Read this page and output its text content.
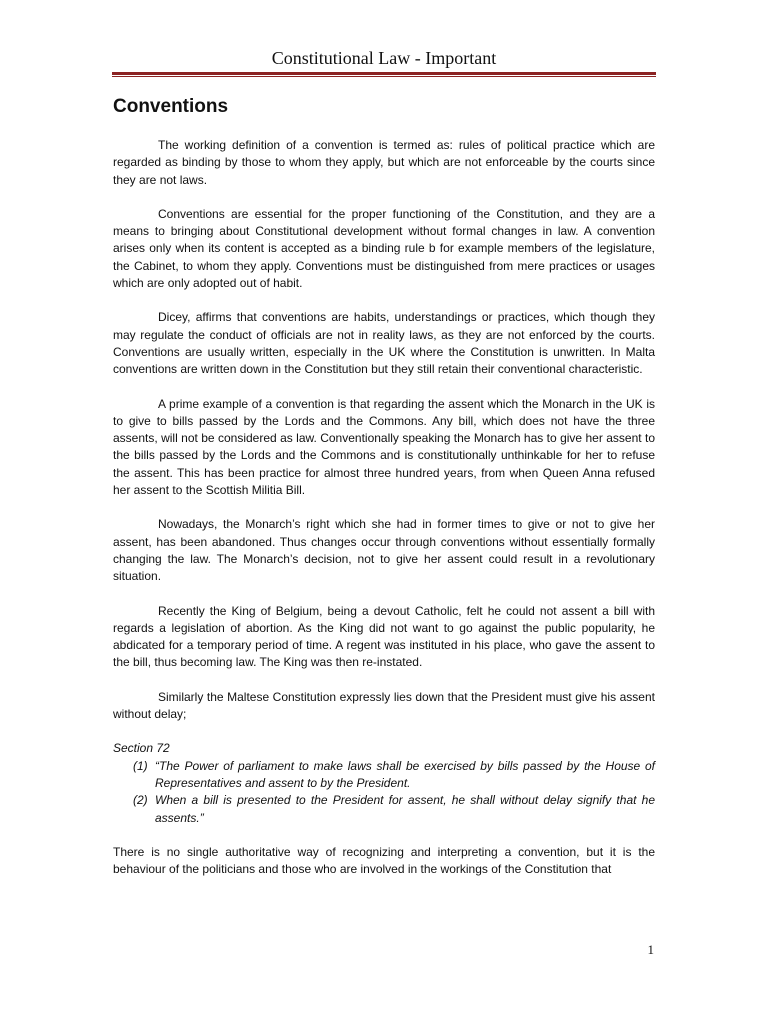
Constitutional Law - Important
Conventions

The working definition of a convention is termed as: rules of political practice which are regarded as binding by those to whom they apply, but which are not enforceable by the courts since they are not laws.

Conventions are essential for the proper functioning of the Constitution, and they are a means to bringing about Constitutional development without formal changes in law. A convention arises only when its content is accepted as a binding rule b for example members of the legislature, the Cabinet, to whom they apply. Conventions must be distinguished from mere practices or usages which are only adopted out of habit.

Dicey, affirms that conventions are habits, understandings or practices, which though they may regulate the conduct of officials are not in reality laws, as they are not enforced by the courts. Conventions are usually written, especially in the UK where the Constitution is unwritten. In Malta conventions are written down in the Constitution but they still retain their conventional characteristic.

A prime example of a convention is that regarding the assent which the Monarch in the UK is to give to bills passed by the Lords and the Commons. Any bill, which does not have the three assents, will not be considered as law. Conventionally speaking the Monarch has to give her assent to the bills passed by the Lords and the Commons and is constitutionally unthinkable for her to refuse the assent. This has been practice for almost three hundred years, from when Queen Anna refused her assent to the Scottish Militia Bill.

Nowadays, the Monarch’s right which she had in former times to give or not to give her assent, has been abandoned. Thus changes occur through conventions without essentially formally changing the law. The Monarch’s decision, not to give her assent could result in a revolutionary situation.

Recently the King of Belgium, being a devout Catholic, felt he could not assent a bill with regards a legislation of abortion. As the King did not want to go against the public popularity, he abdicated for a temporary period of time. A regent was instituted in his place, who gave the assent to the bill, thus becoming law. The King was then re-instated.

Similarly the Maltese Constitution expressly lies down that the President must give his assent without delay;

Section 72
(1) “The Power of parliament to make laws shall be exercised by bills passed by the House of Representatives and assent to by the President.
(2) When a bill is presented to the President for assent, he shall without delay signify that he assents.”

There is no single authoritative way of recognizing and interpreting a convention, but it is the behaviour of the politicians and those who are involved in the workings of the Constitution that

1
